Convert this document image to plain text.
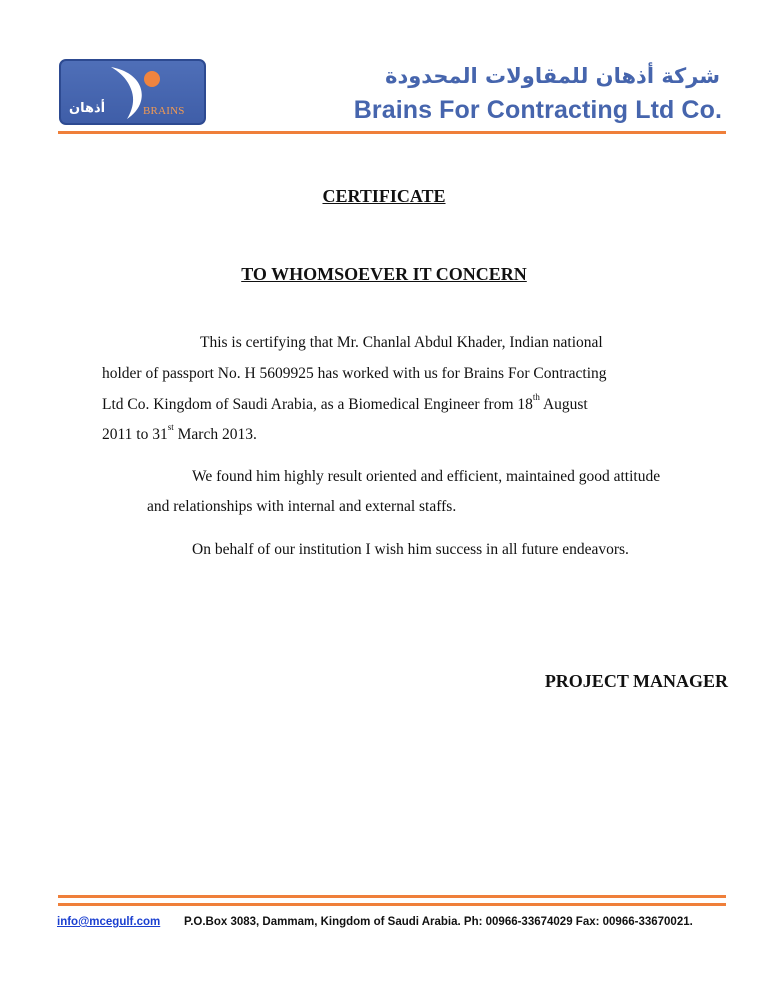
أذهان	BRAINS
شركة أذهان للمقاولات المحدودة
Brains For Contracting Ltd Co.
CERTIFICATE
TO WHOMSOEVER IT CONCERN
This is certifying that Mr. Chanlal Abdul Khader, Indian national
holder of passport No. H 5609925 has worked with us for Brains For Contracting
Ltd Co. Kingdom of Saudi Arabia, as a Biomedical Engineer from 18th August
2011 to 31st March 2013.
We found him highly result oriented and efficient, maintained good attitude
and relationships with internal and external staffs.
On behalf of our institution I wish him success in all future endeavors.
PROJECT MANAGER
info@mcegulf.com P.O.Box 3083, Dammam, Kingdom of Saudi Arabia. Ph: 00966-33674029 Fax: 00966-33670021.
